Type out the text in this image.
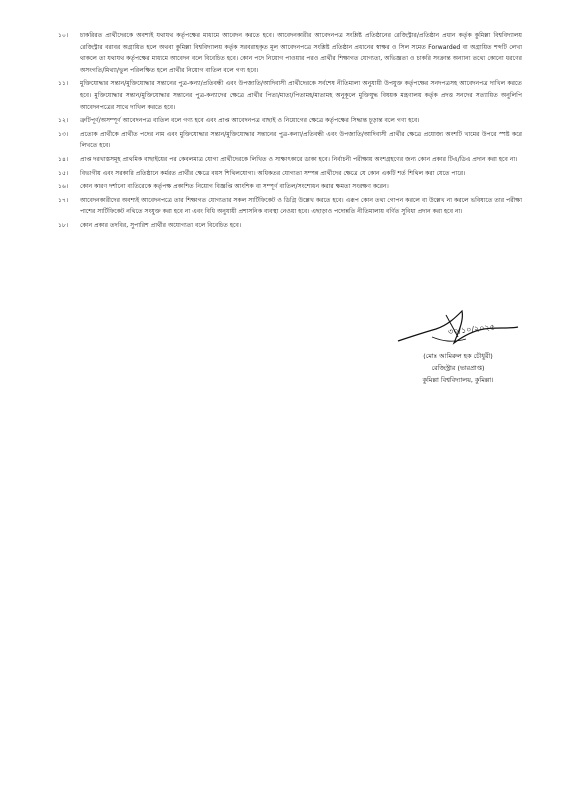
১০।	চাকরিরত প্রার্থীদেরকে অবশ্যই যথাযথ কর্তৃপক্ষের মাধ্যমে আবেদন করতে হবে। আবেদনকারীর আবেদনপত্র সংশ্লিষ্ট প্রতিষ্ঠানের রেজিস্ট্রার/প্রতিষ্ঠান প্রধান কর্তৃক কুমিল্লা বিশ্ববিদ্যালয় রেজিস্ট্রার বরাবর অগ্রায়িত হলে অথবা কুমিল্লা বিশ্ববিদ্যালয় কর্তৃক সরবরাহকৃত মূল আবেদনপত্রে সংশ্লিষ্ট প্রতিষ্ঠান প্রধানের স্বাক্ষর ও সিল সমেত Forwarded বা অগ্রায়িত শব্দটি লেখা থাকলে তা যথাযথ কর্তৃপক্ষের মাধ্যমে আবেদন বলে বিবেচিত হবে। কোন পদে নিয়োগ পাওয়ার পরও প্রার্থীর শিক্ষাগত যোগ্যতা, অভিজ্ঞতা ও চাকরি সংক্রান্ত অন্যান্য তথ্যে কোনো ধরণের অসংগতি/মিথ্যা/ভুল পরিলক্ষিত হলে প্রার্থীর নিয়োগ বাতিল বলে গণ্য হবে।
১১।	মুক্তিযোদ্ধার সন্তান/মুক্তিযোদ্ধার সন্তানের পুত্র-কন্যা/প্রতিবন্ধী এবং উপজাতি/আদিবাসী প্রার্থীদেরকে সর্বশেষ নীতিমালা অনুযায়ী উপযুক্ত কর্তৃপক্ষের সনদপত্রসহ আবেদনপত্র দাখিল করতে হবে। মুক্তিযোদ্ধার সন্তান/মুক্তিযোদ্ধার সন্তানের পুত্র-কন্যাদের ক্ষেত্রে প্রার্থীর পিতা/মাতা/পিতামহ/মাতামহ অনুকূলে মুক্তিযুদ্ধ বিষয়ক মন্ত্রণালয় কর্তৃক প্রদত্ত সনদের সত্যায়িত অনুলিপি আবেদনপত্রের সাথে দাখিল করতে হবে।
১২।	ত্রুটিপূর্ণ/অসম্পূর্ণ আবেদনপত্র বাতিল বলে গণ্য হবে এবং প্রাপ্ত আবেদনপত্র বাছাই ও নিয়োগের ক্ষেত্রে কর্তৃপক্ষের সিদ্ধান্ত চূড়ান্ত বলে গণ্য হবে।
১৩।	প্রত্যেক প্রার্থীকে প্রার্থীত পদের নাম এবং মুক্তিযোদ্ধার সন্তান/মুক্তিযোদ্ধার সন্তানের পুত্র-কন্যা/প্রতিবন্ধী এবং উপজাতি/আদিবাসী প্রার্থীর ক্ষেত্রে প্রযোজ্য অংশটি খামের উপরে স্পষ্ট করে লিখতে হবে।
১৪।	প্রাপ্ত দরখাস্তসমূহ প্রাথমিক বাছাইয়ের পর কেবলমাত্র যোগ্য প্রার্থীদেরকে লিখিত ও সাক্ষাৎকারে ডাকা হবে। নির্বাচনী পরীক্ষায় অংশগ্রহণের জন্য কোন প্রকার টিএ/ডিএ প্রদান করা হবে না।
১৫।	বিভাগীয় এবং সরকারি প্রতিষ্ঠানে কর্মরত প্রার্থীর ক্ষেত্রে বয়স শিথিলযোগ্য। অধিকতর যোগ্যতা সম্পন্ন প্রার্থীদের ক্ষেত্রে যে কোন একটি শর্ত শিথিল করা যেতে পারে।
১৬।	কোন কারণ দর্শানো ব্যতিরেকে কর্তৃপক্ষ প্রকাশিত নিয়োগ বিজ্ঞপ্তি আংশিক বা সম্পূর্ণ বাতিল/সংশোধন করার ক্ষমতা সংরক্ষণ করেন।
১৭।	আবেদনকারীদের অবশ্যই আবেদনপত্রে তার শিক্ষাগত যোগ্যতার সকল সার্টিফিকেট ও ডিগ্রি উল্লেখ করতে হবে। এরূপ কোন তথ্য গোপন করলে বা উল্লেখ না করলে ভবিষ্যতে তার পরীক্ষা পাশের সার্টিফিকেট নথিতে সংযুক্ত করা হবে না এবং বিধি অনুযায়ী প্রশাসনিক ব্যবস্থা নেওয়া হবে। এছাড়াও পদোন্নতি নীতিমালায় বর্ণিত সুবিধা প্রদান করা হবে না।
১৮।	কোন প্রকার তদবির, সুপারিশ প্রার্থীর অযোগ্যতা বলে বিবেচিত হবে।
৩০/১০/২০২৫
(মোঃ আমিরুল হক চৌধুরী)
রেজিস্ট্রার (ভারপ্রাপ্ত)
কুমিল্লা বিশ্ববিদ্যালয়, কুমিল্লা।
